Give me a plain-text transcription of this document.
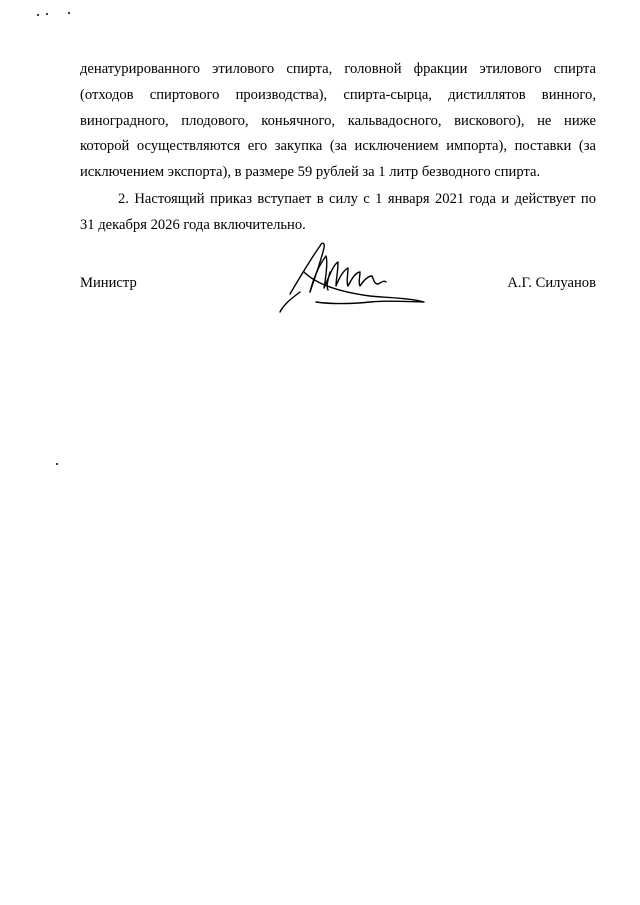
денатурированного этилового спирта, головной фракции этилового спирта
(отходов спиртового производства), спирта-сырца, дистиллятов винного,
виноградного, плодового, коньячного, кальвадосного, вискового), не ниже
которой осуществляются его закупка (за исключением импорта), поставки (за
исключением экспорта), в размере 59 рублей за 1 литр безводного спирта.
2. Настоящий приказ вступает в силу с 1 января 2021 года и действует по
31 декабря 2026 года включительно.
Министр	А.Г. Силуанов
